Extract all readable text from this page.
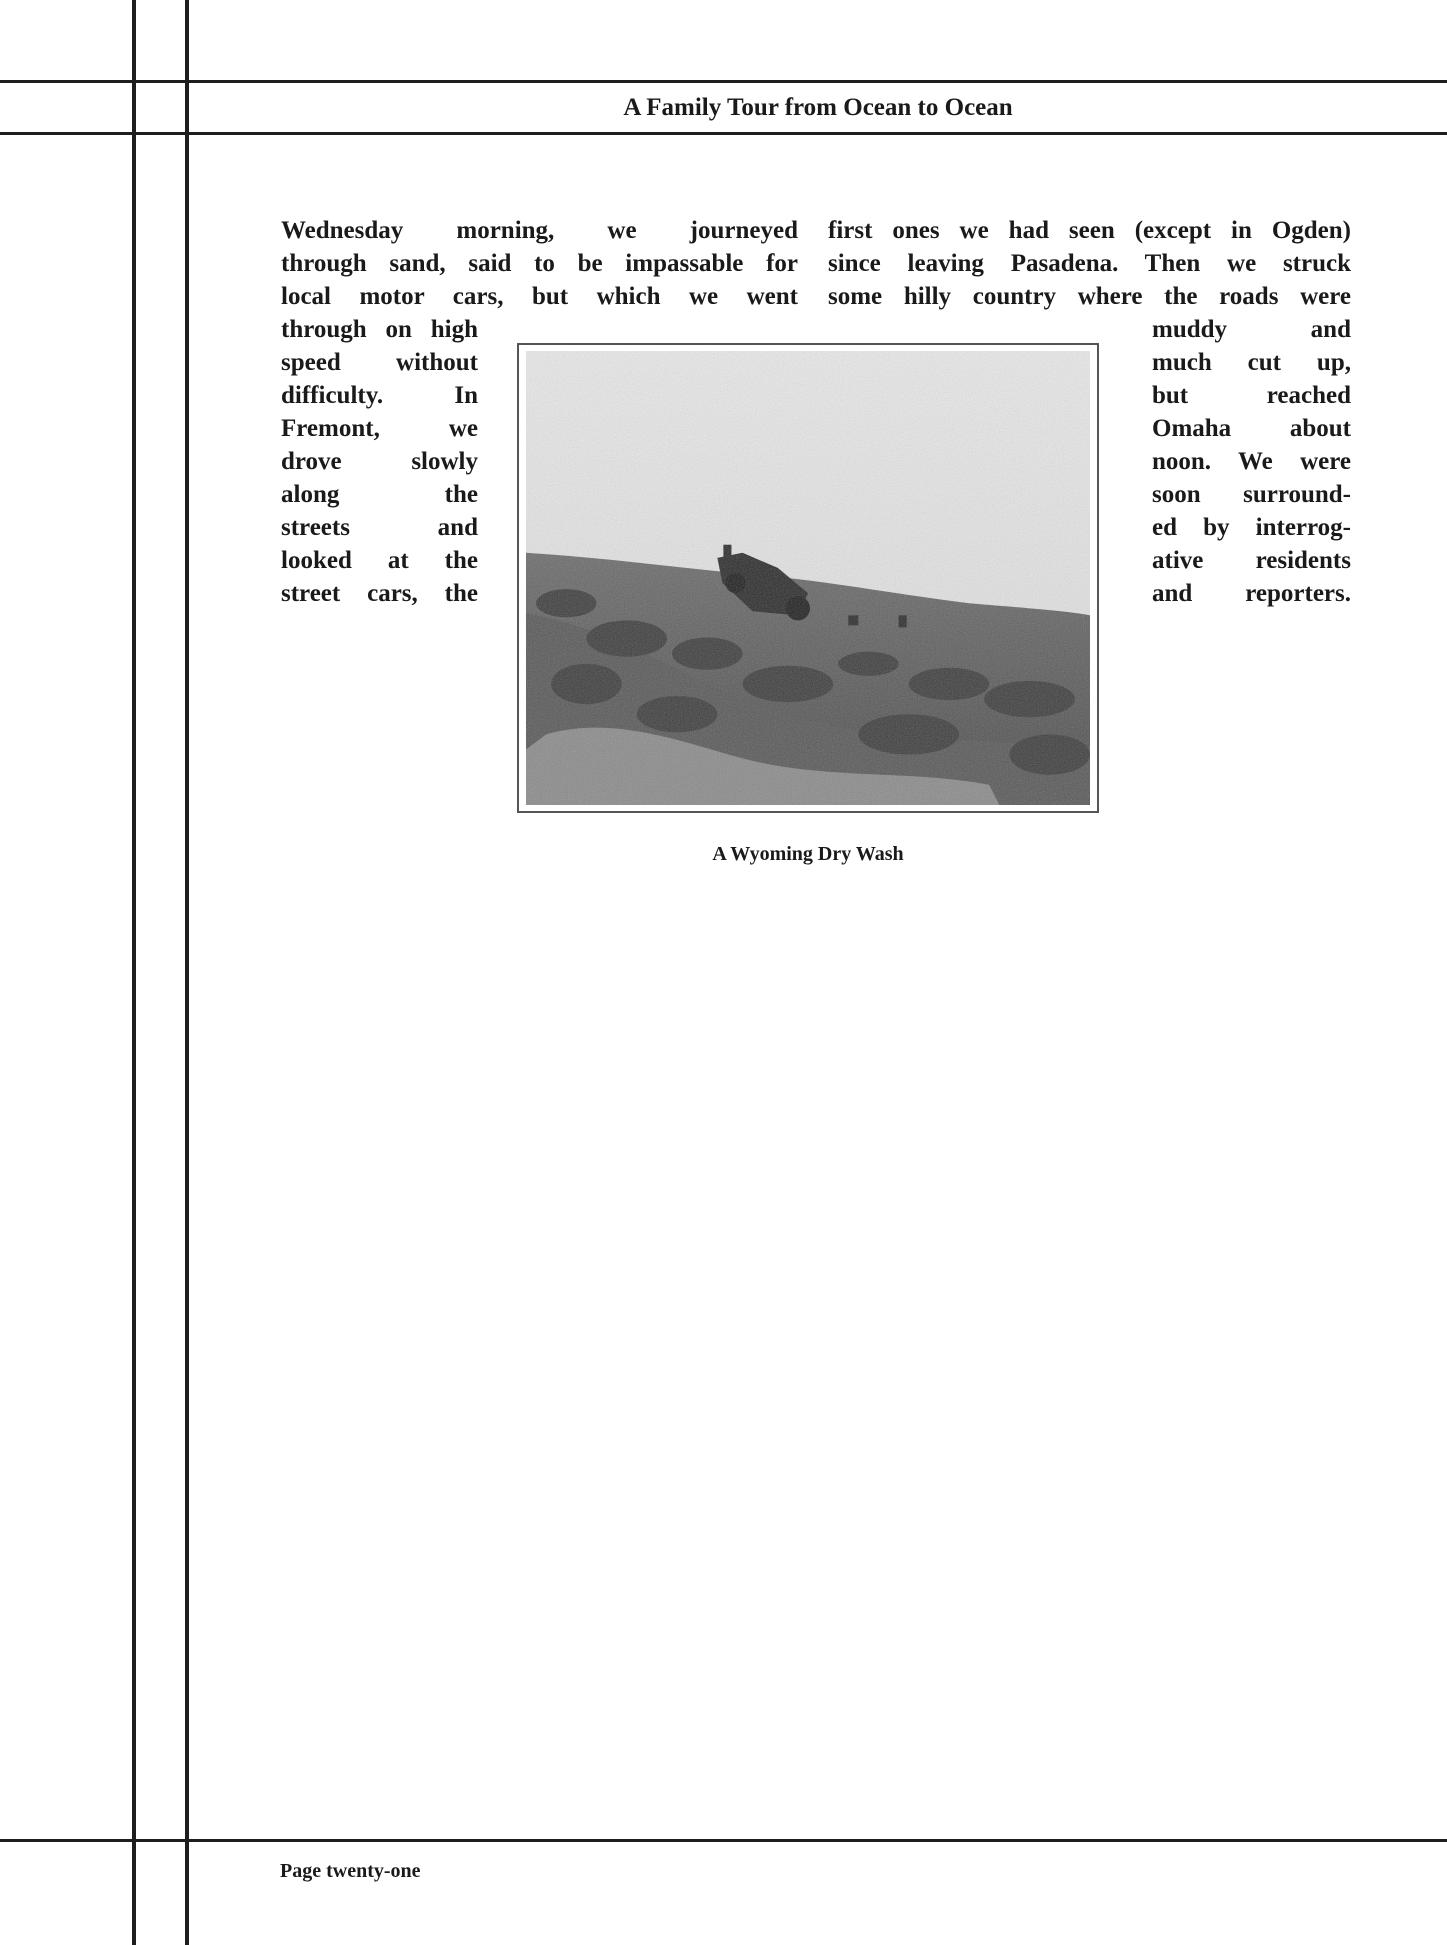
A Family Tour from Ocean to Ocean
Wednesday morning, we journeyed
through sand, said to be impassable for
local motor cars, but which we went
first ones we had seen (except in Ogden)
since leaving Pasadena. Then we struck
some hilly country where the roads were
through on high
speed without
difficulty. In
Fremont, we
drove slowly
along the
streets and
looked at the
street cars, the
muddy and
much cut up,
but reached
Omaha about
noon. We were
soon surround-
ed by interrog-
ative residents
and reporters.
A Wyoming Dry Wash
Page twenty-one
